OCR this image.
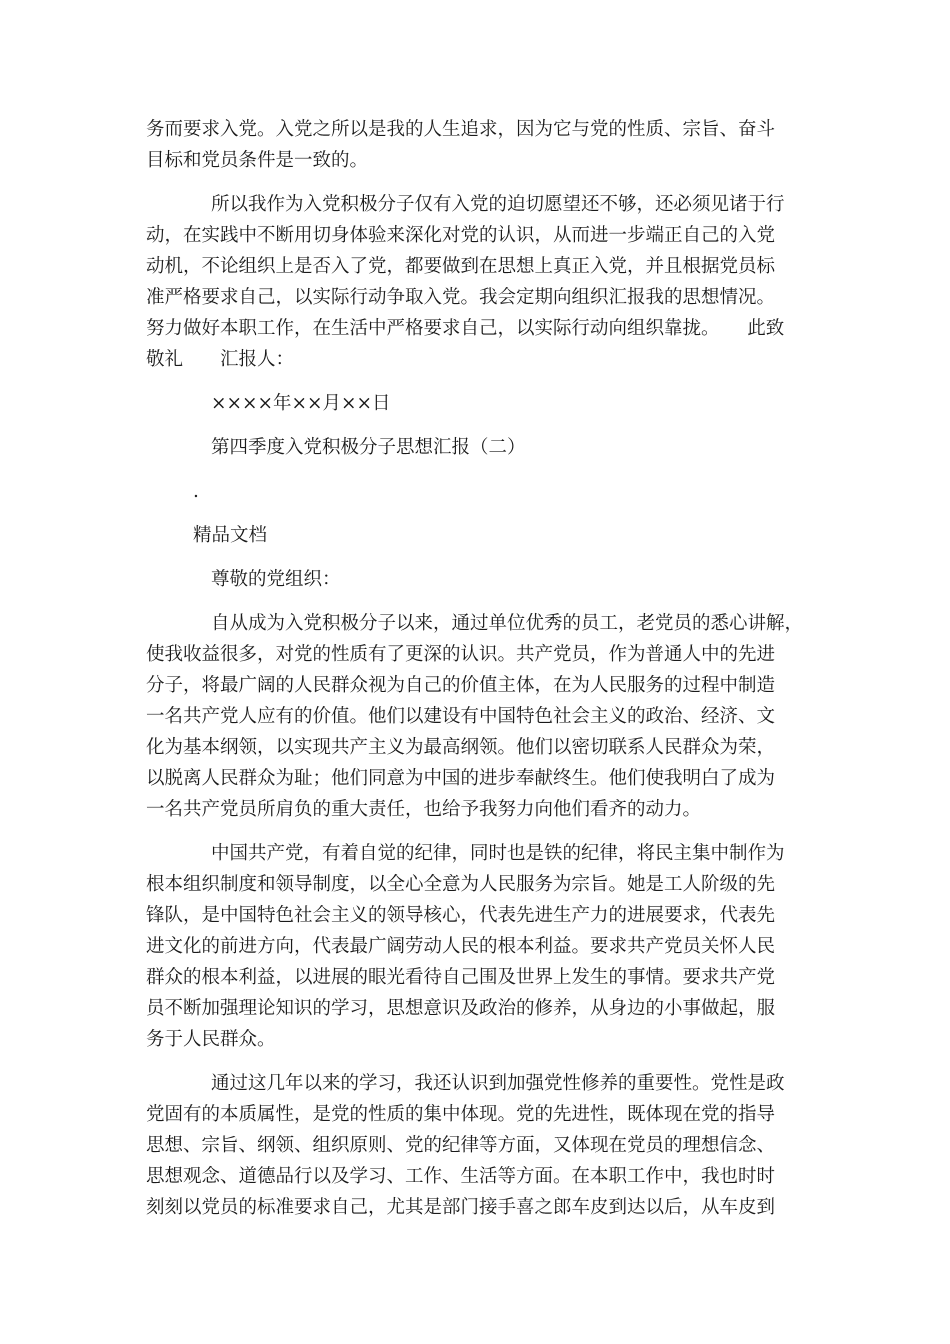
务而要求入党。入党之所以是我的人生追求，因为它与党的性质、宗旨、奋斗
目标和党员条件是一致的。
所以我作为入党积极分子仅有入党的迫切愿望还不够，还必须见诸于行
动，在实践中不断用切身体验来深化对党的认识，从而进一步端正自己的入党
动机，不论组织上是否入了党，都要做到在思想上真正入党，并且根据党员标
准严格要求自己，以实际行动争取入党。我会定期向组织汇报我的思想情况。
努力做好本职工作，在生活中严格要求自己，以实际行动向组织靠拢。　　此致
敬礼　　汇报人：
××××年××月××日
第四季度入党积极分子思想汇报（二）
.
精品文档
尊敬的党组织：
自从成为入党积极分子以来，通过单位优秀的员工，老党员的悉心讲解，
使我收益很多，对党的性质有了更深的认识。共产党员，作为普通人中的先进
分子，将最广阔的人民群众视为自己的价值主体，在为人民服务的过程中制造
一名共产党人应有的价值。他们以建设有中国特色社会主义的政治、经济、文
化为基本纲领，以实现共产主义为最高纲领。他们以密切联系人民群众为荣，
以脱离人民群众为耻；他们同意为中国的进步奉献终生。他们使我明白了成为
一名共产党员所肩负的重大责任，也给予我努力向他们看齐的动力。
中国共产党，有着自觉的纪律，同时也是铁的纪律，将民主集中制作为
根本组织制度和领导制度，以全心全意为人民服务为宗旨。她是工人阶级的先
锋队，是中国特色社会主义的领导核心，代表先进生产力的进展要求，代表先
进文化的前进方向，代表最广阔劳动人民的根本利益。要求共产党员关怀人民
群众的根本利益，以进展的眼光看待自己围及世界上发生的事情。要求共产党
员不断加强理论知识的学习，思想意识及政治的修养，从身边的小事做起，服
务于人民群众。
通过这几年以来的学习，我还认识到加强党性修养的重要性。党性是政
党固有的本质属性，是党的性质的集中体现。党的先进性，既体现在党的指导
思想、宗旨、纲领、组织原则、党的纪律等方面，又体现在党员的理想信念、
思想观念、道德品行以及学习、工作、生活等方面。在本职工作中，我也时时
刻刻以党员的标准要求自己，尤其是部门接手喜之郎车皮到达以后，从车皮到
